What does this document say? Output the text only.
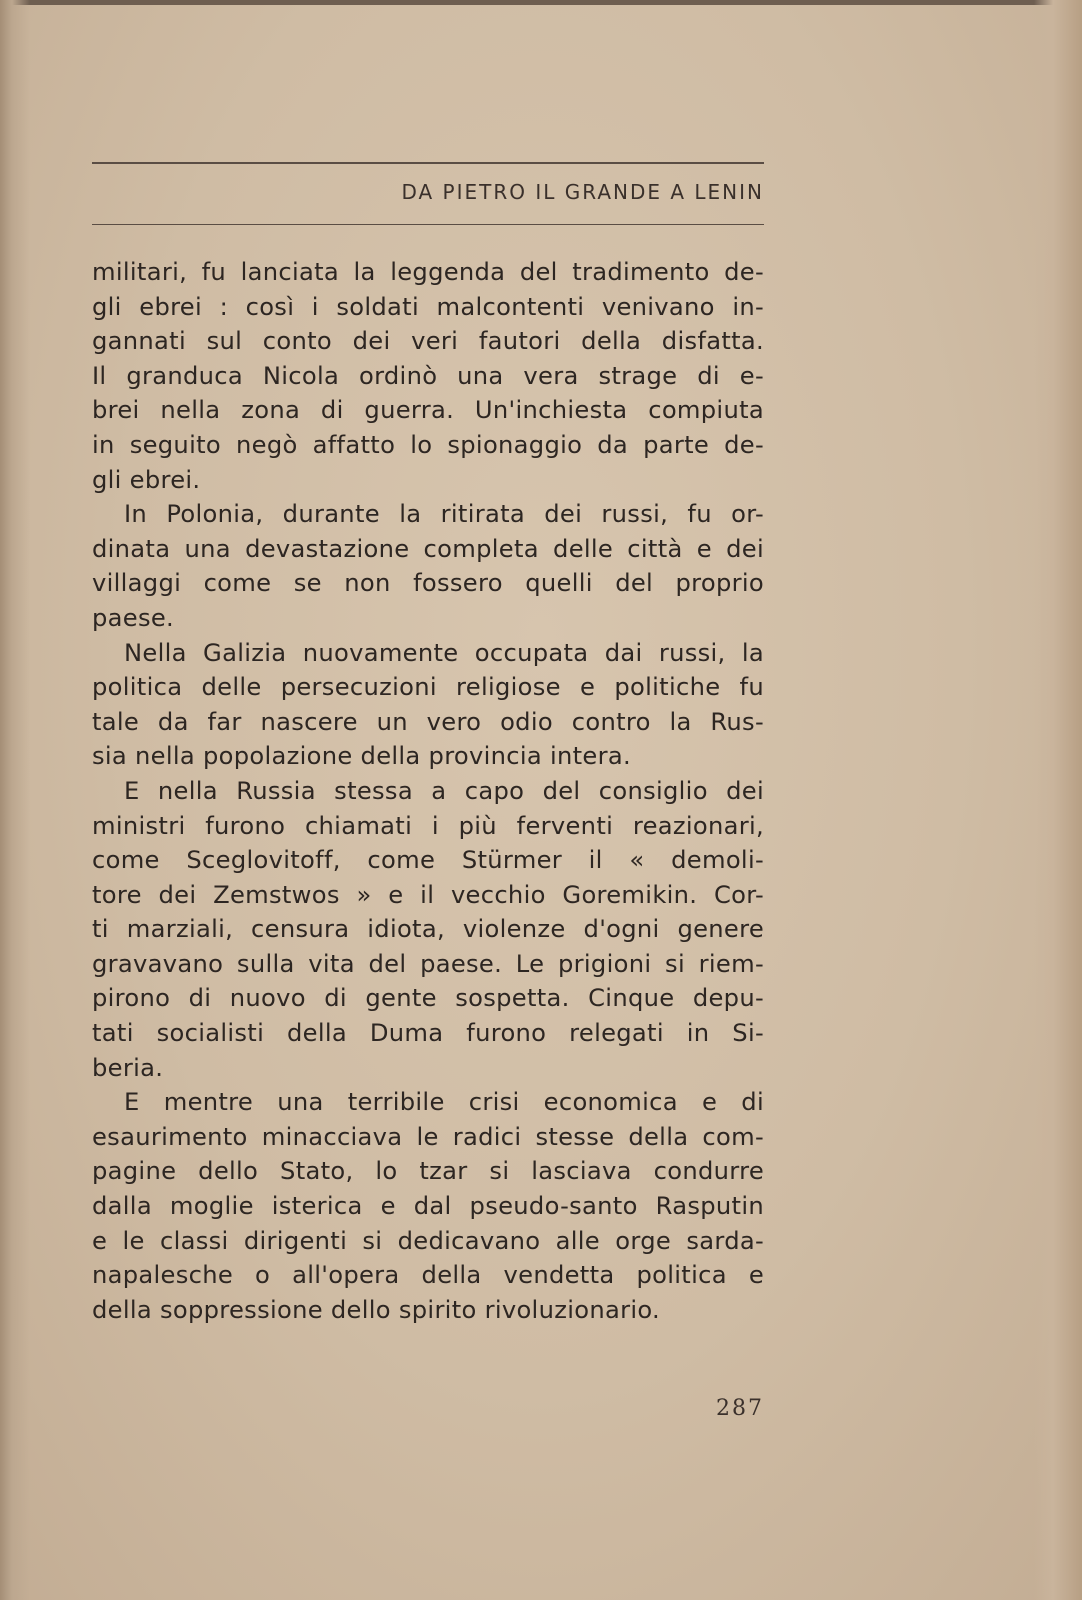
DA PIETRO IL GRANDE A LENIN
militari, fu lanciata la leggenda del tradimento de-
gli ebrei : così i soldati malcontenti venivano in-
gannati sul conto dei veri fautori della disfatta.
Il granduca Nicola ordinò una vera strage di e-
brei nella zona di guerra. Un'inchiesta compiuta
in seguito negò affatto lo spionaggio da parte de-
gli ebrei.
In Polonia, durante la ritirata dei russi, fu or-
dinata una devastazione completa delle città e dei
villaggi come se non fossero quelli del proprio
paese.
Nella Galizia nuovamente occupata dai russi, la
politica delle persecuzioni religiose e politiche fu
tale da far nascere un vero odio contro la Rus-
sia nella popolazione della provincia intera.
E nella Russia stessa a capo del consiglio dei
ministri furono chiamati i più ferventi reazionari,
come Sceglovitoff, come Stürmer il « demoli-
tore dei Zemstwos » e il vecchio Goremikin. Cor-
ti marziali, censura idiota, violenze d'ogni genere
gravavano sulla vita del paese. Le prigioni si riem-
pirono di nuovo di gente sospetta. Cinque depu-
tati socialisti della Duma furono relegati in Si-
beria.
E mentre una terribile crisi economica e di
esaurimento minacciava le radici stesse della com-
pagine dello Stato, lo tzar si lasciava condurre
dalla moglie isterica e dal pseudo-santo Rasputin
e le classi dirigenti si dedicavano alle orge sarda-
napalesche o all'opera della vendetta politica e
della soppressione dello spirito rivoluzionario.
287
